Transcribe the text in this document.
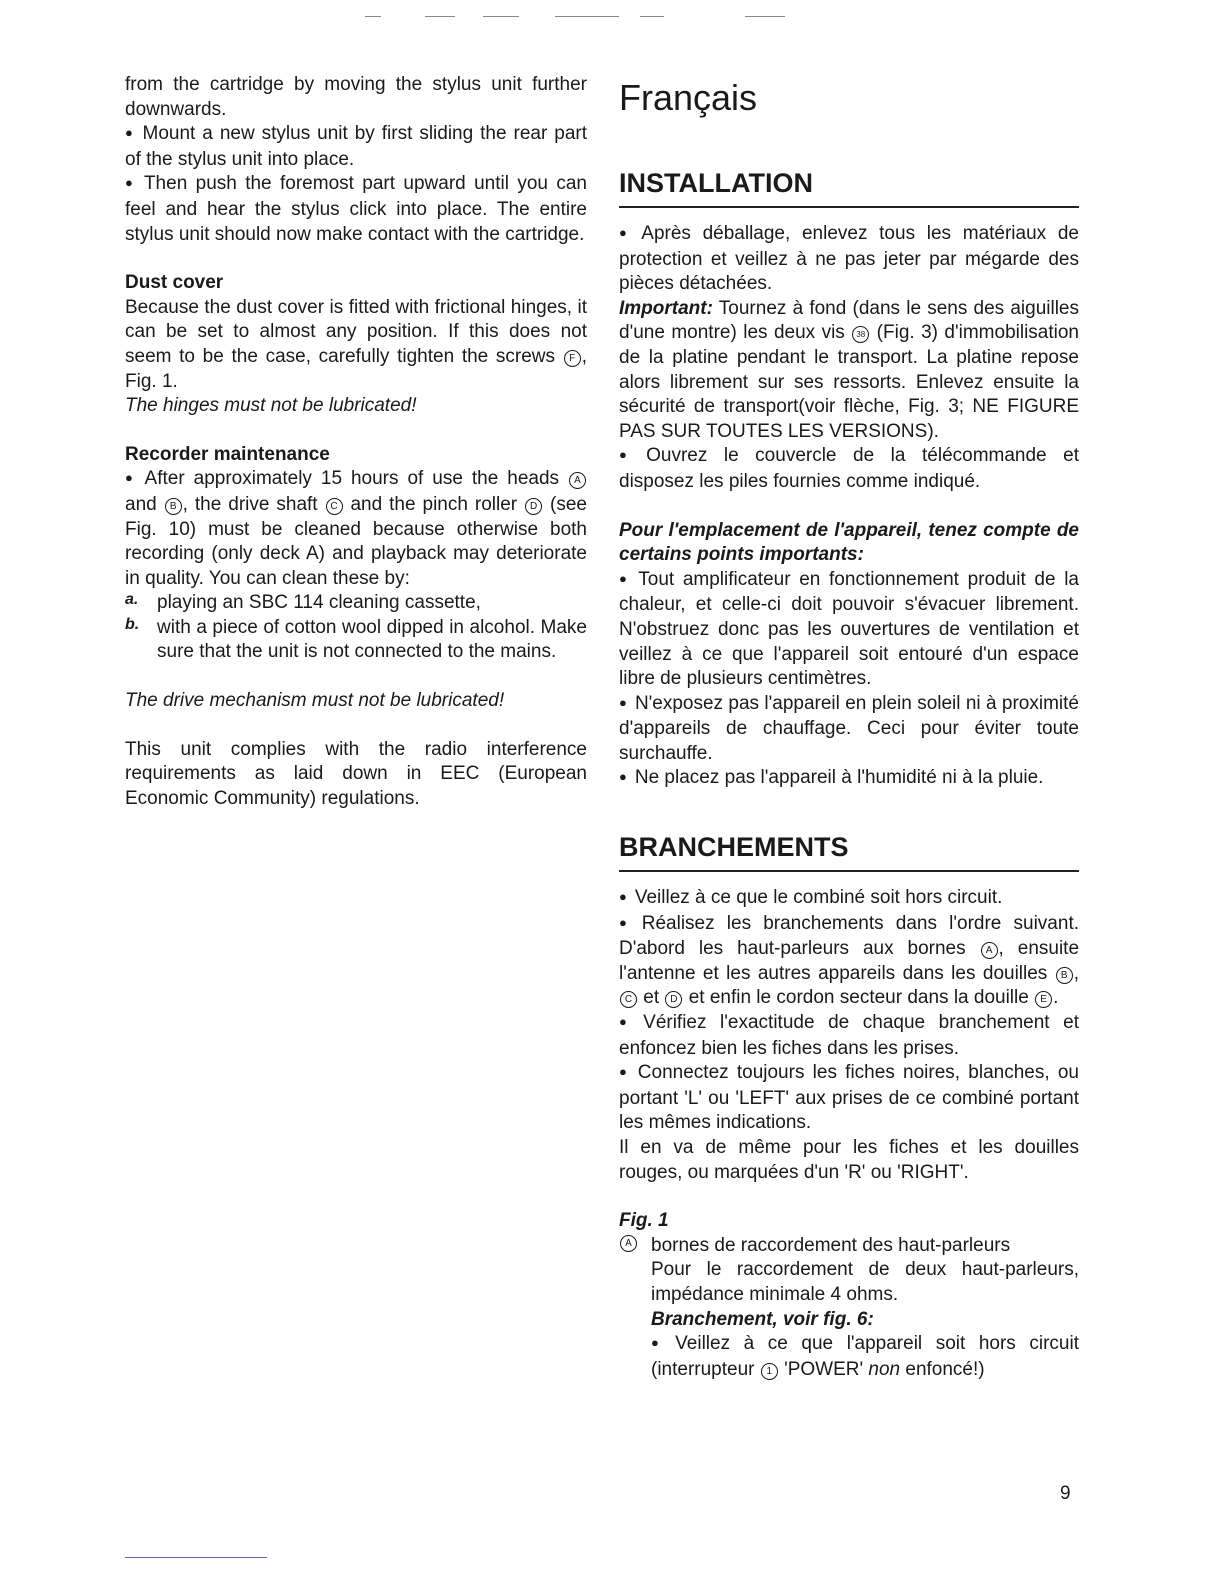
from the cartridge by moving the stylus unit further downwards.

● Mount a new stylus unit by first sliding the rear part of the stylus unit into place.

● Then push the foremost part upward until you can feel and hear the stylus click into place. The entire stylus unit should now make contact with the cartridge.

Dust cover

Because the dust cover is fitted with frictional hinges, it can be set to almost any position. If this does not seem to be the case, carefully tighten the screws F , Fig. 1.

The hinges must not be lubricated!

Recorder maintenance

● After approximately 15 hours of use the heads A and B , the drive shaft C and the pinch roller D (see Fig. 10) must be cleaned because otherwise both recording (only deck A) and playback may deteriorate in quality. You can clean these by:

a. playing an SBC 114 cleaning cassette,

b. with a piece of cotton wool dipped in alcohol. Make sure that the unit is not connected to the mains.

The drive mechanism must not be lubricated!

This unit complies with the radio interference requirements as laid down in EEC (European Economic Community) regulations.

Français
INSTALLATION

● Après déballage, enlevez tous les matériaux de protection et veillez à ne pas jeter par mégarde des pièces détachées.

Important: Tournez à fond (dans le sens des aiguilles d'une montre) les deux vis 38 (Fig. 3) d'immobilisation de la platine pendant le transport. La platine repose alors librement sur ses ressorts. Enlevez ensuite la sécurité de transport(voir flèche, Fig. 3; NE FIGURE PAS SUR TOUTES LES VERSIONS).

● Ouvrez le couvercle de la télécommande et disposez les piles fournies comme indiqué.

Pour l'emplacement de l'appareil, tenez compte de certains points importants:

● Tout amplificateur en fonctionnement produit de la chaleur, et celle-ci doit pouvoir s'évacuer librement. N'obstruez donc pas les ouvertures de ventilation et veillez à ce que l'appareil soit entouré d'un espace libre de plusieurs centimètres.

● N'exposez pas l'appareil en plein soleil ni à proximité d'appareils de chauffage. Ceci pour éviter toute surchauffe.

● Ne placez pas l'appareil à l'humidité ni à la pluie.

BRANCHEMENTS

● Veillez à ce que le combiné soit hors circuit.

● Réalisez les branchements dans l'ordre suivant. D'abord les haut-parleurs aux bornes A , ensuite l'antenne et les autres appareils dans les douilles B ,C et D et enfin le cordon secteur dans la douille E .

● Vérifiez l'exactitude de chaque branchement et enfoncez bien les fiches dans les prises.

● Connectez toujours les fiches noires, blanches, ou portant 'L' ou 'LEFT' aux prises de ce combiné portant les mêmes indications.

Il en va de même pour les fiches et les douilles rouges, ou marquées d'un 'R' ou 'RIGHT'.

Fig. 1

A	bornes de raccordement des haut-parleurs

Pour le raccordement de deux haut-parleurs, impédance minimale 4 ohms.

Branchement, voir fig. 6:

● Veillez à ce que l'appareil soit hors circuit (interrupteur 1 'POWER' non enfoncé!)

9
